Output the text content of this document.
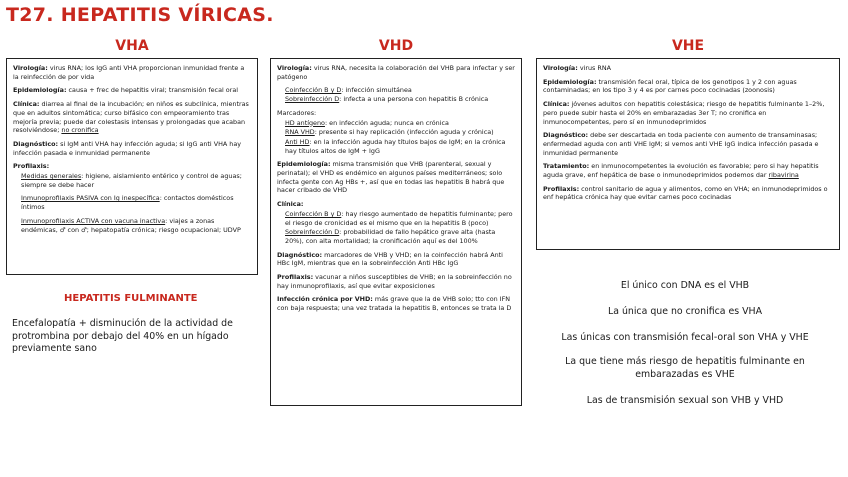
T27. HEPATITIS VÍRICAS.
VHA

Virología: virus RNA; los IgG anti VHA proporcionan inmunidad frente a la reinfección de por vida

Epidemiología: causa + frec de hepatitis viral; transmisión fecal oral

Clínica: diarrea al final de la incubación; en niños es subclínica, mientras que en adultos sintomática; curso bifásico con empeoramiento tras mejoría previa; puede dar colestasis intensas y prolongadas que acaban resolviéndose; no cronifica

Diagnóstico: si IgM anti VHA hay infección aguda; si IgG anti VHA hay infección pasada e inmunidad permanente

Profilaxis:

Medidas generales: higiene, aislamiento entérico y control de aguas; siempre se debe hacer

Inmunoprofilaxis PASIVA con Ig inespecífica: contactos domésticos íntimos

Inmunoprofilaxis ACTIVA con vacuna inactiva: viajes a zonas endémicas, ♂ con ♂; hepatopatía crónica; riesgo ocupacional; UDVP

HEPATITIS FULMINANTE
Encefalopatía + disminución de la actividad de protrombina por debajo del 40% en un hígado previamente sano
VHD

Virología: virus RNA, necesita la colaboración del VHB para infectar y ser patógeno

Coinfección B y D: infección simultánea

Sobreinfección D: infecta a una persona con hepatitis B crónica

Marcadores:

HD antígeno: en infección aguda; nunca en crónica

RNA VHD: presente si hay replicación (infección aguda y crónica)

Anti HD: en la infección aguda hay títulos bajos de IgM; en la crónica hay títulos altos de IgM + IgG

Epidemiología: misma transmisión que VHB (parenteral, sexual y perinatal); el VHD es endémico en algunos países mediterráneos; solo infecta gente con Ag HBs +, así que en todas las hepatitis B habrá que hacer cribado de VHD

Clínica:

Coinfección B y D: hay riesgo aumentado de hepatitis fulminante; pero el riesgo de cronicidad es el mismo que en la hepatitis B (poco)

Sobreinfección D: probabilidad de fallo hepático grave alta (hasta 20%), con alta mortalidad; la cronificación aquí es del 100%

Diagnóstico: marcadores de VHB y VHD; en la coinfección habrá Anti HBc IgM, mientras que en la sobreinfección Anti HBc IgG

Profilaxis: vacunar a niños susceptibles de VHB; en la sobreinfección no hay inmunoprofilaxis, así que evitar exposiciones

Infección crónica por VHD: más grave que la de VHB solo; tto con IFN con baja respuesta; una vez tratada la hepatitis B, entonces se trata la D

VHE

Virología: virus RNA

Epidemiología: transmisión fecal oral, típica de los genotipos 1 y 2 con aguas contaminadas; en los tipo 3 y 4 es por carnes poco cocinadas (zoonosis)

Clínica: jóvenes adultos con hepatitis colestásica; riesgo de hepatitis fulminante 1–2%, pero puede subir hasta el 20% en embarazadas 3er T; no cronifica en inmunocompetentes, pero sí en inmunodeprimidos

Diagnóstico: debe ser descartada en toda paciente con aumento de transaminasas; enfermedad aguda con anti VHE IgM; si vemos anti VHE IgG indica infección pasada e inmunidad permanente

Tratamiento: en inmunocompetentes la evolución es favorable; pero si hay hepatitis aguda grave, enf hepática de base o inmunodeprimidos podemos dar ribavirina

Profilaxis: control sanitario de agua y alimentos, como en VHA; en inmunodeprimidos o enf hepática crónica hay que evitar carnes poco cocinadas

El único con DNA es el VHB
La única que no cronifica es VHA
Las únicas con transmisión fecal-oral son VHA y VHE
La que tiene más riesgo de hepatitis fulminante en embarazadas es VHE
Las de transmisión sexual son VHB y VHD
